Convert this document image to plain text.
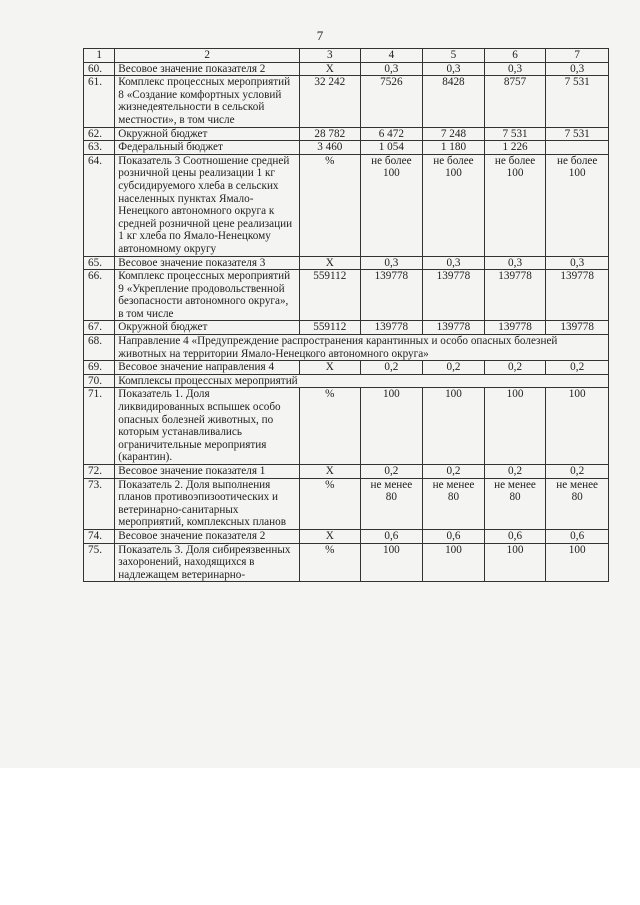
7
1	2	3	4	5	6	7
60.	Весовое значение показателя 2	Х	0,3	0,3	0,3	0,3
61.	Комплекс процессных мероприятий 8 «Создание комфортных условий жизнедеятельности в сельской местности», в том числе	32 242	7526	8428	8757	7 531
62.	Окружной бюджет	28 782	6 472	7 248	7 531	7 531
63.	Федеральный бюджет	3 460	1 054	1 180	1 226	
64.	Показатель 3 Соотношение средней розничной цены реализации 1 кг субсидируемого хлеба в сельских населенных пунктах Ямало-Ненецкого автономного округа к средней розничной цене реализации 1 кг хлеба по Ямало-Ненецкому автономному округу	%	не более 100	не более 100	не более 100	не более 100
65.	Весовое значение показателя 3	Х	0,3	0,3	0,3	0,3
66.	Комплекс процессных мероприятий 9 «Укрепление продовольственной безопасности автономного округа», в том числе	559112	139778	139778	139778	139778
67.	Окружной бюджет	559112	139778	139778	139778	139778
68.	Направление 4 «Предупреждение распространения карантинных и особо опасных болезней животных на территории Ямало-Ненецкого автономного округа»					
69.	Весовое значение направления 4	Х	0,2	0,2	0,2	0,2
70.	Комплексы процессных мероприятий					
71.	Показатель 1. Доля ликвидированных вспышек особо опасных болезней животных, по которым устанавливались ограничительные мероприятия (карантин).	%	100	100	100	100
72.	Весовое значение показателя 1	Х	0,2	0,2	0,2	0,2
73.	Показатель 2. Доля выполнения планов противоэпизоотических и ветеринарно-санитарных мероприятий, комплексных планов	%	не менее 80	не менее 80	не менее 80	не менее 80
74.	Весовое значение показателя 2	Х	0,6	0,6	0,6	0,6
75.	Показатель 3. Доля сибиреязвенных захоронений, находящихся в надлежащем ветеринарно-	%	100	100	100	100
